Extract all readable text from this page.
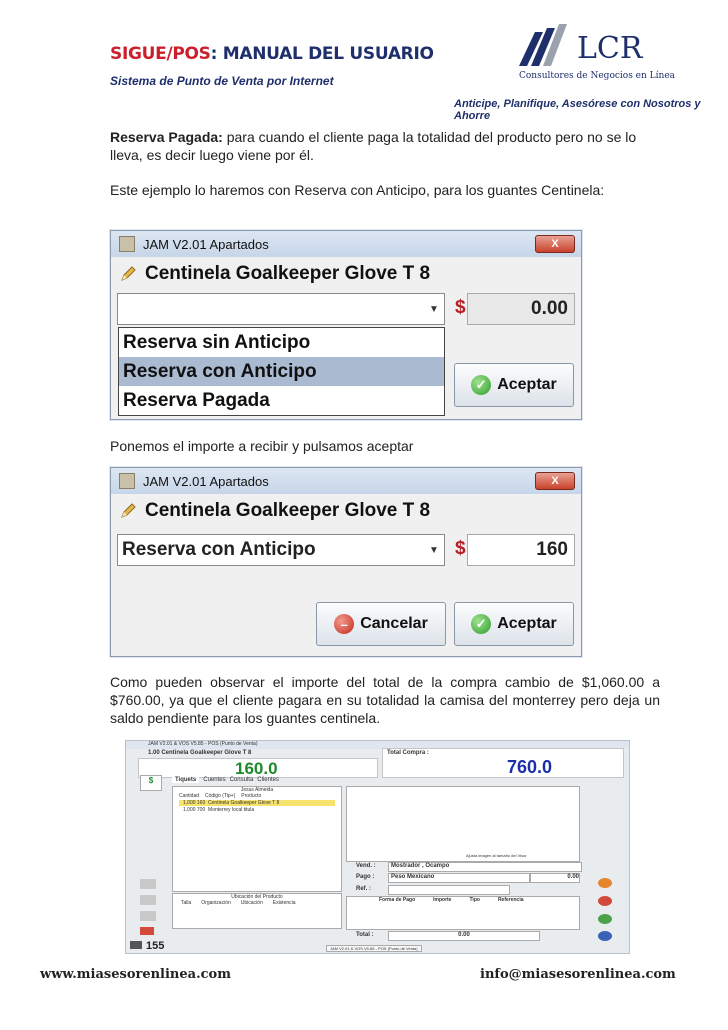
SIGUE/POS: MANUAL DEL USUARIO
Sistema de Punto de Venta por Internet
LCR
Consultores de Negocios en Línea
Anticipe, Planifique, Asesórese con Nosotros y Ahorre
Reserva Pagada: para cuando el cliente paga la totalidad del producto pero no se lo lleva, es decir luego viene por él.
Este ejemplo lo haremos con Reserva con Anticipo, para los guantes Centinela:
JAM V2.01 Apartados	X
Centinela Goalkeeper Glove T 8
▼ $	0.00
Reserva sin Anticipo
Reserva con Anticipo
Reserva Pagada
✓ Aceptar
Ponemos el importe a recibir y pulsamos aceptar
JAM V2.01 Apartados	X
Centinela Goalkeeper Glove T 8
Reserva con Anticipo	▼ $	160
– Cancelar	✓ Aceptar
Como pueden observar el importe del total de la compra cambio de $1,060.00 a $760.00, ya que el cliente pagara en su totalidad la camisa del monterrey pero deja un saldo pendiente para los guantes centinela.
JAM V2.01 & VOS V5.85 - POS (Punto de Venta)
1.00 Centinela Goalkeeper Glove T 8
160.0
Total Compra :
760.0
$	Tiquets	Cuentes Consulta Clientes
Jesus Almeida
Cantidad Código (Tip+) Producto
1,000 160 Centinela Goalkeeper Glove T 8
1,000 700 Monterrey local titula
Ubicación del Producto
Talla Organización Ubicación Existencia
Ajusta imagen al tamaño del Visor
Vend. :	Mostrador , Ocampo
Pago :	Peso Mexicano	0.00
Ref. :
Forma de Pago	Importe	Tipo	Referencia
Total :	0.00
155	JAM V2.01 & VOS V5.85 - POS (Punto de Venta)
www.miasesorenlinea.com	info@miasesorenlinea.com
